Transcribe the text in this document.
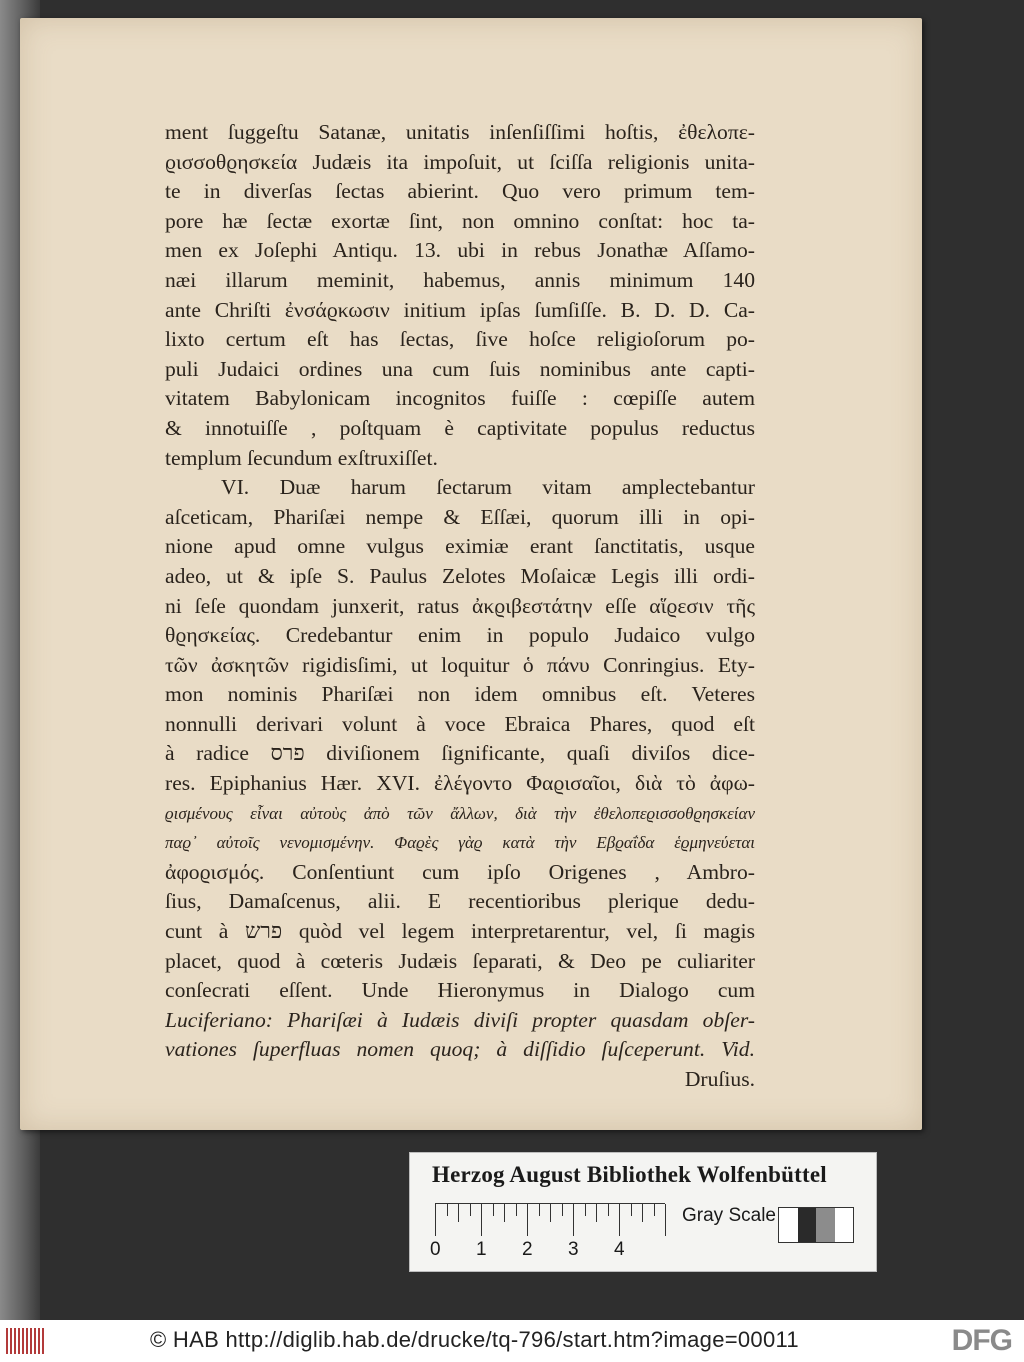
ment ſuggeſtu Satanæ, unitatis inſenſiſſimi hoſtis, ἐθελοπε-
ϱισσοθϱησκεία Judæis ita impoſuit, ut ſciſſa religionis unita-
te in diverſas ſectas abierint. Quo vero primum tem-
pore hæ ſectæ exortæ ſint, non omnino conſtat: hoc ta-
men ex Joſephi Antiqu. 13. ubi in rebus Jonathæ Aſſamo-
næi illarum meminit, habemus, annis minimum 140
ante Chriſti ἐνσάϱκωσιν initium ipſas ſumſiſſe. B. D. D. Ca-
lixto certum eſt has ſectas, ſive hoſce religioſorum po-
puli Judaici ordines una cum ſuis nominibus ante capti-
vitatem Babylonicam incognitos fuiſſe : cœpiſſe autem
& innotuiſſe , poſtquam è captivitate populus reductus
templum ſecundum exſtruxiſſet.
VI. Duæ harum ſectarum vitam amplectebantur
aſceticam, Phariſæi nempe & Eſſæi, quorum illi in opi-
nione apud omne vulgus eximiæ erant ſanctitatis, usque
adeo, ut & ipſe S. Paulus Zelotes Moſaicæ Legis illi ordi-
ni ſeſe quondam junxerit, ratus ἀκϱιβεστάτην eſſe αἵϱεσιν τῆς
θϱησκείας. Credebantur enim in populo Judaico vulgo
τῶν ἀσκητῶν rigidisſimi, ut loquitur ὁ πάνυ Conringius. Ety-
mon nominis Phariſæi non idem omnibus eſt. Veteres
nonnulli derivari volunt à voce Ebraica Phares, quod eſt
à radice פרס diviſionem ſignificante, quaſi diviſos dice-
res. Epiphanius Hær. XVI. ἐλέγοντο Φαϱισαῖοι, διὰ τὸ ἀφω-
ϱισμένους εἶναι αὐτοὺς ἀπὸ τῶν ἄλλων, διὰ τὴν ἐθελοπεϱισσοθϱησκείαν
παϱ᾽ αὐτοῖς νενομισμένην. Φαϱὲς γὰϱ κατὰ τὴν Εβϱαΐδα ἑϱμηνεύεται
ἀφοϱισμός. Conſentiunt cum ipſo Origenes , Ambro-
ſius, Damaſcenus, alii. E recentioribus plerique dedu-
cunt à פרש quòd vel legem interpretarentur, vel, ſi magis
placet, quod à cœteris Judæis ſeparati, & Deo pe culiariter
conſecrati eſſent. Unde Hieronymus in Dialogo cum
Luciferiano: Phariſæi à Iudæis diviſi propter quasdam obſer-
vationes ſuperfluas nomen quoq; à diſſidio ſuſceperunt. Vid.
Druſius.
Herzog August Bibliothek Wolfenbüttel
0 1 2 3 4
Gray Scale
© HAB http://diglib.hab.de/drucke/tq-796/start.htm?image=00011	DFG
